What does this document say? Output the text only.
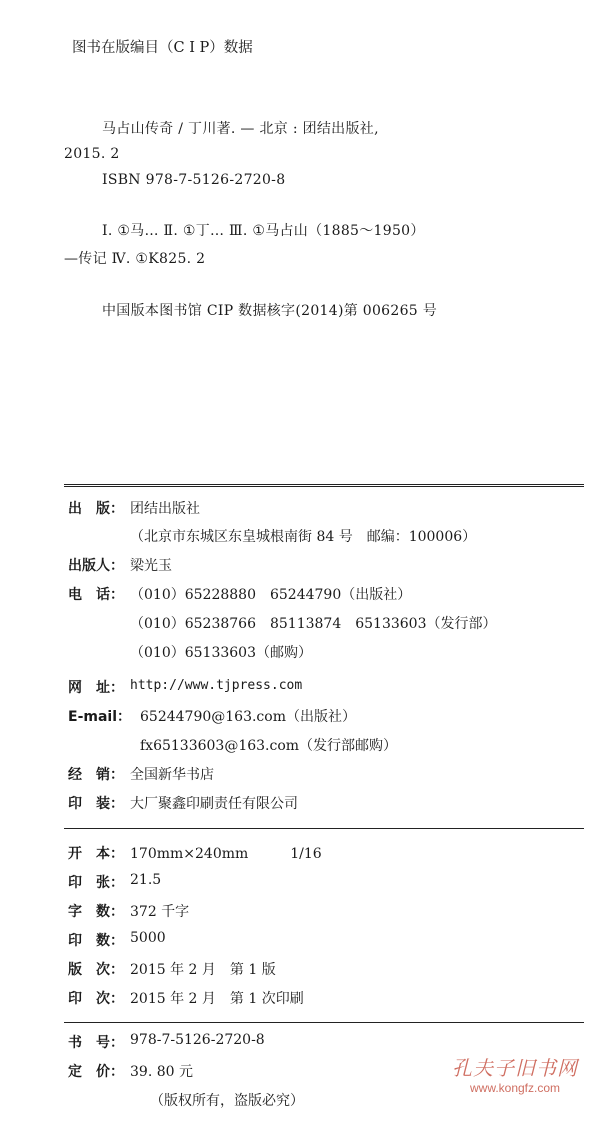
图书在版编目（C I P）数据
马占山传奇 / 丁川著. — 北京 : 团结出版社,
2015. 2
ISBN 978-7-5126-2720-8
Ⅰ. ①马… Ⅱ. ①丁… Ⅲ. ①马占山（1885～1950）
—传记 Ⅳ. ①K825. 2
中国版本图书馆 CIP 数据核字(2014)第 006265 号
出　版： 团结出版社
（北京市东城区东皇城根南街 84 号　邮编：100006）
出版人： 梁光玉
电　话： （010）65228880　65244790（出版社）
（010）65238766　85113874　65133603（发行部）
（010）65133603（邮购）
网　址： http://www.tjpress.com
E-mail： 65244790@163.com（出版社）
fx65133603@163.com（发行部邮购）
经　销： 全国新华书店
印　装： 大厂聚鑫印刷责任有限公司
开　本： 170mm×240mm　　　1/16
印　张： 21.5
字　数： 372 千字
印　数： 5000
版　次： 2015 年 2 月　第 1 版
印　次： 2015 年 2 月　第 1 次印刷
书　号： 978-7-5126-2720-8
定　价： 39. 80 元
（版权所有，盗版必究）
孔夫子旧书网
www.kongfz.com
